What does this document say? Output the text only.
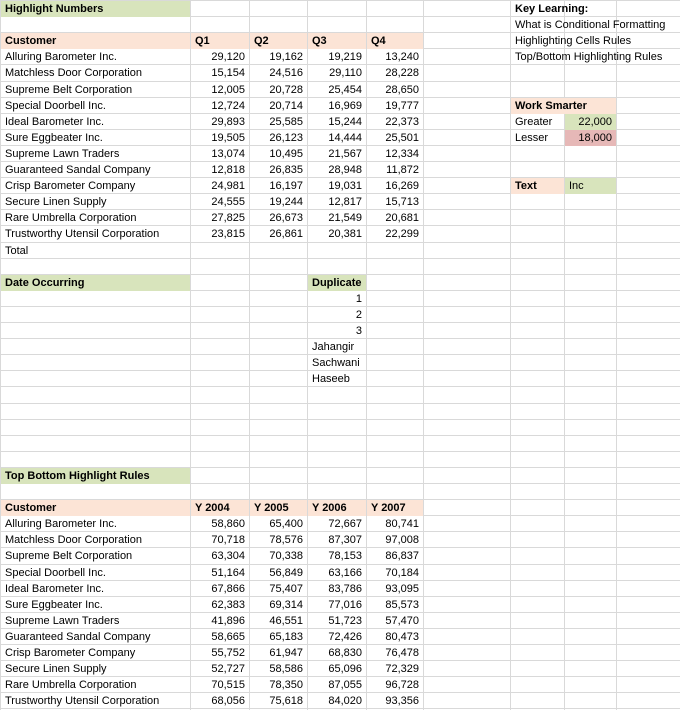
Highlight Numbers
Customer	Q1	Q2	Q3	Q4
Alluring Barometer Inc.	29,120	19,162	19,219	13,240
Matchless Door Corporation	15,154	24,516	29,110	28,228
Supreme Belt Corporation	12,005	20,728	25,454	28,650
Special Doorbell Inc.	12,724	20,714	16,969	19,777
Ideal Barometer Inc.	29,893	25,585	15,244	22,373
Sure Eggbeater Inc.	19,505	26,123	14,444	25,501
Supreme Lawn Traders	13,074	10,495	21,567	12,334
Guaranteed Sandal Company	12,818	26,835	28,948	11,872
Crisp Barometer Company	24,981	16,197	19,031	16,269
Secure Linen Supply	24,555	19,244	12,817	15,713
Rare Umbrella Corporation	27,825	26,673	21,549	20,681
Trustworthy Utensil Corporation	23,815	26,861	20,381	22,299
Total
Key Learning:
What is Conditional Formatting
Highlighting Cells Rules
Top/Bottom Highlighting Rules
Work Smarter
Greater	22,000
Lesser	18,000
Text	Inc
Date Occurring	Duplicate
1
2
3
Jahangir
Sachwani
Haseeb
Top Bottom Highlight Rules
Customer	Y 2004	Y 2005	Y 2006	Y 2007
Alluring Barometer Inc.	58,860	65,400	72,667	80,741
Matchless Door Corporation	70,718	78,576	87,307	97,008
Supreme Belt Corporation	63,304	70,338	78,153	86,837
Special Doorbell Inc.	51,164	56,849	63,166	70,184
Ideal Barometer Inc.	67,866	75,407	83,786	93,095
Sure Eggbeater Inc.	62,383	69,314	77,016	85,573
Supreme Lawn Traders	41,896	46,551	51,723	57,470
Guaranteed Sandal Company	58,665	65,183	72,426	80,473
Crisp Barometer Company	55,752	61,947	68,830	76,478
Secure Linen Supply	52,727	58,586	65,096	72,329
Rare Umbrella Corporation	70,515	78,350	87,055	96,728
Trustworthy Utensil Corporation	68,056	75,618	84,020	93,356
